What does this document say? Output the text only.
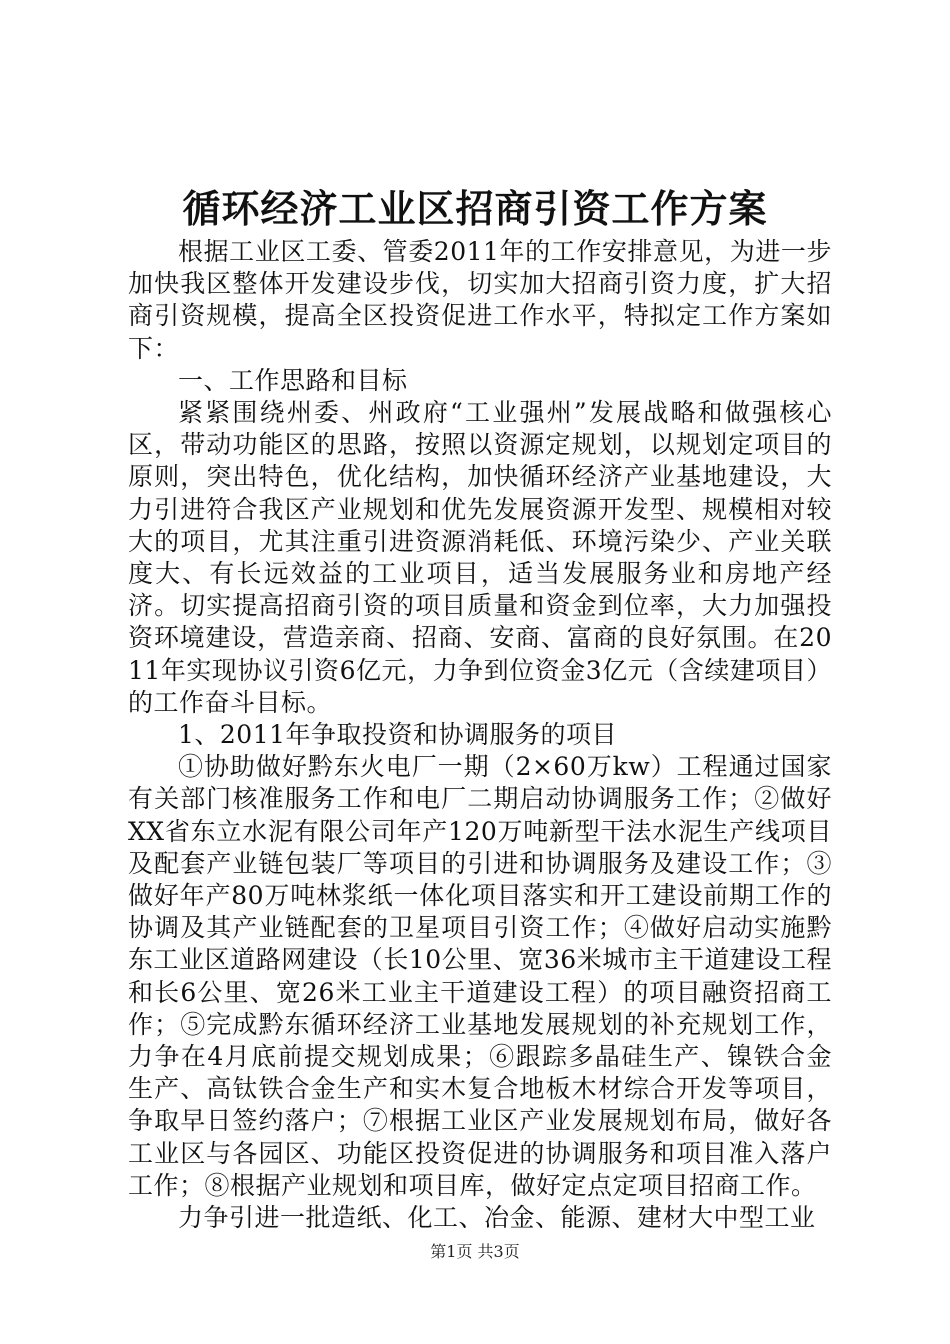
循环经济工业区招商引资工作方案

根据工业区工委、管委2011年的工作安排意见，为进一步加快我区整体开发建设步伐，切实加大招商引资力度，扩大招商引资规模，提高全区投资促进工作水平，特拟定工作方案如下：

一、工作思路和目标

紧紧围绕州委、州政府“工业强州”发展战略和做强核心区，带动功能区的思路，按照以资源定规划，以规划定项目的原则，突出特色，优化结构，加快循环经济产业基地建设，大力引进符合我区产业规划和优先发展资源开发型、规模相对较大的项目，尤其注重引进资源消耗低、环境污染少、产业关联度大、有长远效益的工业项目，适当发展服务业和房地产经济。切实提高招商引资的项目质量和资金到位率，大力加强投资环境建设，营造亲商、招商、安商、富商的良好氛围。在2011年实现协议引资6亿元，力争到位资金3亿元（含续建项目）的工作奋斗目标。

1、2011年争取投资和协调服务的项目

①协助做好黔东火电厂一期（2×60万kw）工程通过国家有关部门核准服务工作和电厂二期启动协调服务工作；②做好XX省东立水泥有限公司年产120万吨新型干法水泥生产线项目及配套产业链包装厂等项目的引进和协调服务及建设工作；③做好年产80万吨林浆纸一体化项目落实和开工建设前期工作的协调及其产业链配套的卫星项目引资工作；④做好启动实施黔东工业区道路网建设（长10公里、宽36米城市主干道建设工程和长6公里、宽26米工业主干道建设工程）的项目融资招商工作；⑤完成黔东循环经济工业基地发展规划的补充规划工作，力争在4月底前提交规划成果；⑥跟踪多晶硅生产、镍铁合金生产、高钛铁合金生产和实木复合地板木材综合开发等项目，争取早日签约落户；⑦根据工业区产业发展规划布局，做好各工业区与各园区、功能区投资促进的协调服务和项目准入落户工作；⑧根据产业规划和项目库，做好定点定项目招商工作。

力争引进一批造纸、化工、冶金、能源、建材大中型工业

第1页 共3页
